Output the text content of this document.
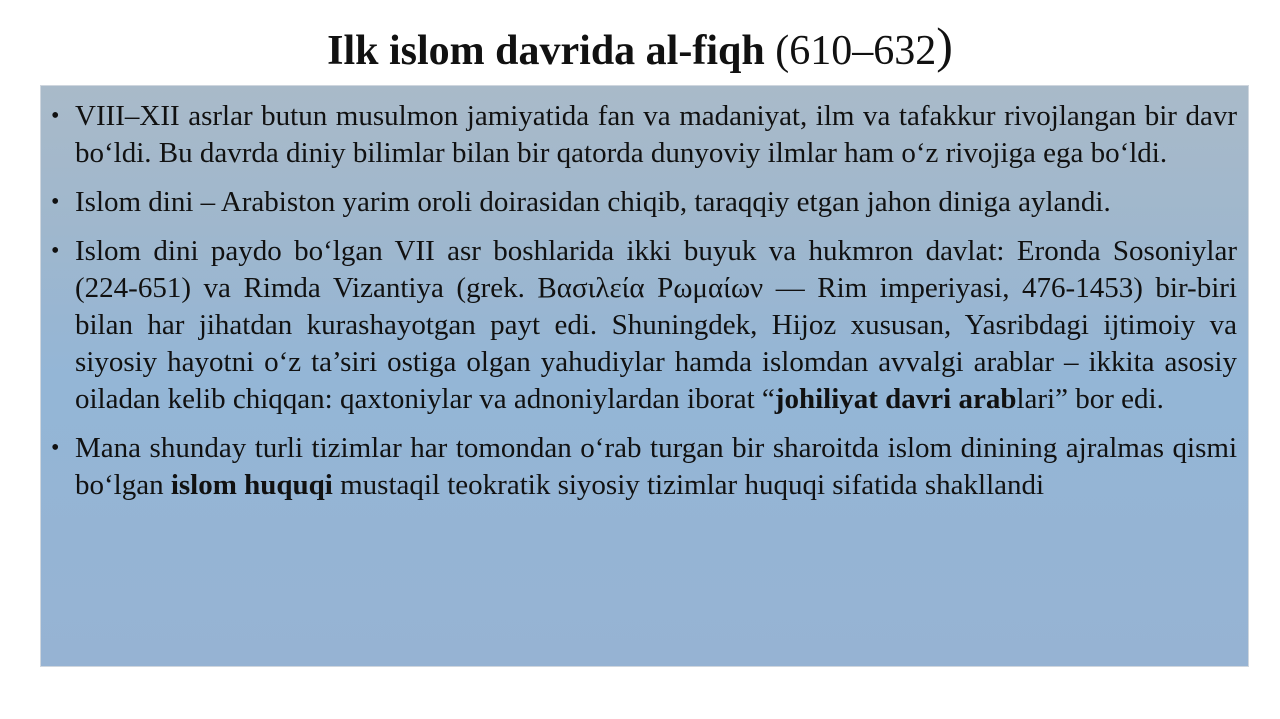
Ilk islom davrida al-fiqh (610–632)
• VIII–XII asrlar butun musulmon jamiyatida fan va madaniyat, ilm va tafakkur rivojlangan bir davr bo‘ldi. Bu davrda diniy bilimlar bilan bir qatorda dunyoviy ilmlar ham o‘z rivojiga ega bo‘ldi.
• Islom dini – Arabiston yarim oroli doirasidan chiqib, taraqqiy etgan jahon diniga aylandi.
• Islom dini paydo bo‘lgan VII asr boshlarida ikki buyuk va hukmron davlat: Eronda Sosoniylar (224-651) va Rimda Vizantiya (grek. Βασιλεία Ρωμαίων — Rim imperiyasi, 476-1453) bir-biri bilan har jihatdan kurashayotgan payt edi. Shuningdek, Hijoz xususan, Yasribdagi ijtimoiy va siyosiy hayotni o‘z ta’siri ostiga olgan yahudiylar hamda islomdan avvalgi arablar – ikkita asosiy oiladan kelib chiqqan: qaxtoniylar va adnoniylardan iborat “johiliyat davri arablari” bor edi.
• Mana shunday turli tizimlar har tomondan o‘rab turgan bir sharoitda islom dinining ajralmas qismi bo‘lgan islom huquqi mustaqil teokratik siyosiy tizimlar huquqi sifatida shakllandi
